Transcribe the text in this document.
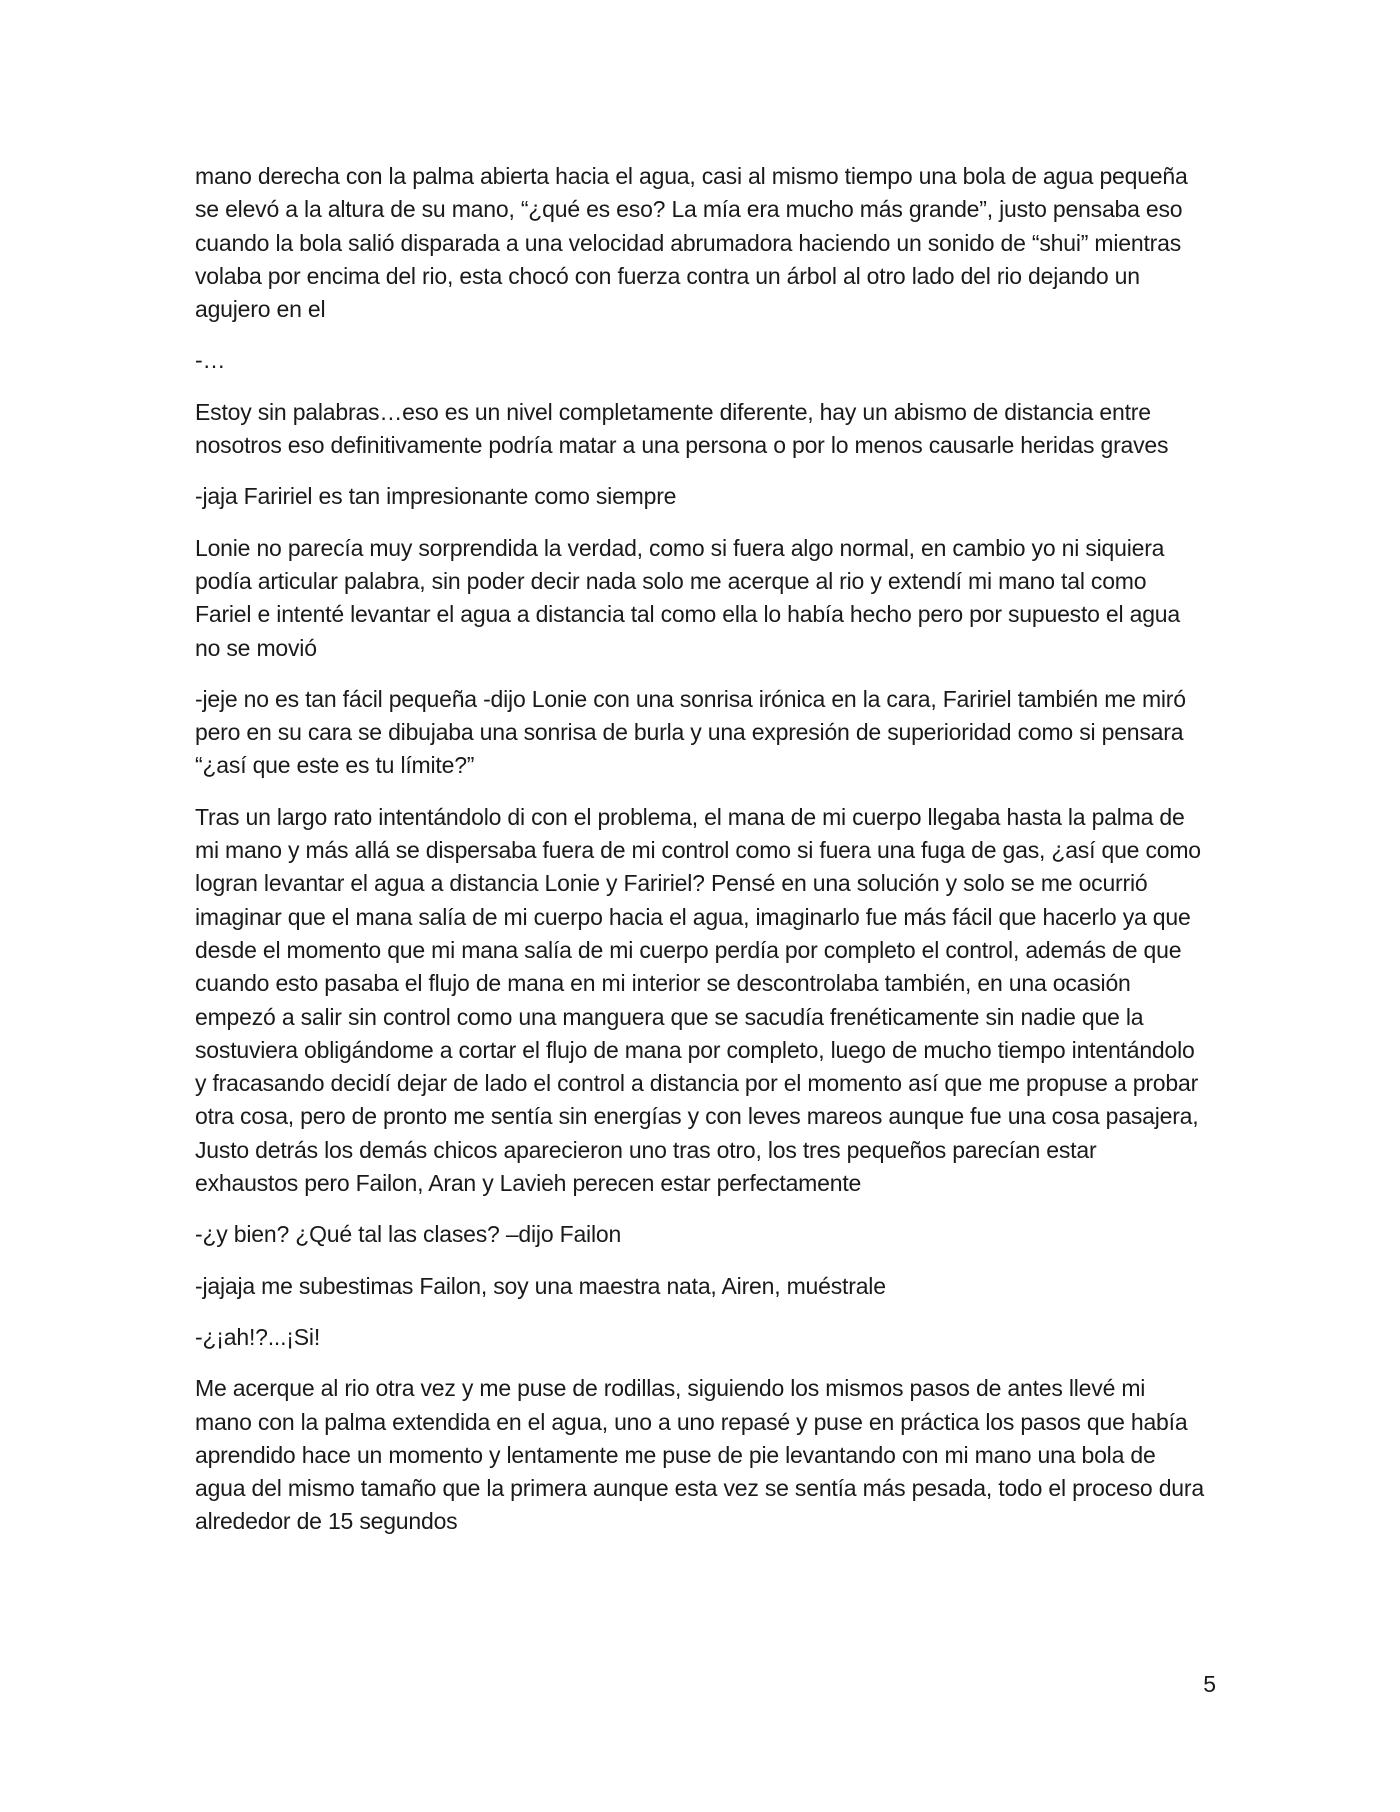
mano derecha con la palma abierta hacia el agua, casi al mismo tiempo una bola de agua pequeña se elevó a la altura de su mano, “¿qué es eso? La mía era mucho más grande”, justo pensaba eso cuando la bola salió disparada a una velocidad abrumadora haciendo un sonido de “shui” mientras volaba por encima del rio, esta chocó con fuerza contra un árbol al otro lado del rio dejando un agujero en el

-…

Estoy sin palabras…eso es un nivel completamente diferente, hay un abismo de distancia entre nosotros eso definitivamente podría matar a una persona o por lo menos causarle heridas graves

-jaja Faririel es tan impresionante como siempre

Lonie no parecía muy sorprendida la verdad, como si fuera algo normal, en cambio yo ni siquiera podía articular palabra, sin poder decir nada solo me acerque al rio y extendí mi mano tal como Fariel e intenté levantar el agua a distancia tal como ella lo había hecho pero por supuesto el agua no se movió

-jeje no es tan fácil pequeña -dijo Lonie con una sonrisa irónica en la cara, Faririel también me miró pero en su cara se dibujaba una sonrisa de burla y una expresión de superioridad como si pensara “¿así que este es tu límite?”

Tras un largo rato intentándolo di con el problema, el mana de mi cuerpo llegaba hasta la palma de mi mano y más allá se dispersaba fuera de mi control como si fuera una fuga de gas, ¿así que como logran levantar el agua a distancia Lonie y Faririel? Pensé en una solución y solo se me ocurrió imaginar que el mana salía de mi cuerpo hacia el agua, imaginarlo fue más fácil que hacerlo ya que desde el momento que mi mana salía de mi cuerpo perdía por completo el control, además de que cuando esto pasaba el flujo de mana en mi interior se descontrolaba también, en una ocasión empezó a salir sin control como una manguera que se sacudía frenéticamente sin nadie que la sostuviera obligándome a cortar el flujo de mana por completo, luego de mucho tiempo intentándolo y fracasando decidí dejar de lado el control a distancia por el momento así que me propuse a probar otra cosa, pero de pronto me sentía sin energías y con leves mareos aunque fue una cosa pasajera, Justo detrás los demás chicos aparecieron uno tras otro, los tres pequeños parecían estar exhaustos pero Failon, Aran y Lavieh perecen estar perfectamente

-¿y bien? ¿Qué tal las clases? –dijo Failon

-jajaja me subestimas Failon, soy una maestra nata, Airen, muéstrale

-¿¡ah!?...¡Si!

Me acerque al rio otra vez y me puse de rodillas, siguiendo los mismos pasos de antes llevé mi mano con la palma extendida en el agua, uno a uno repasé y puse en práctica los pasos que había aprendido hace un momento y lentamente me puse de pie levantando con mi mano una bola de agua del mismo tamaño que la primera aunque esta vez se sentía más pesada, todo el proceso dura alrededor de 15 segundos

5
